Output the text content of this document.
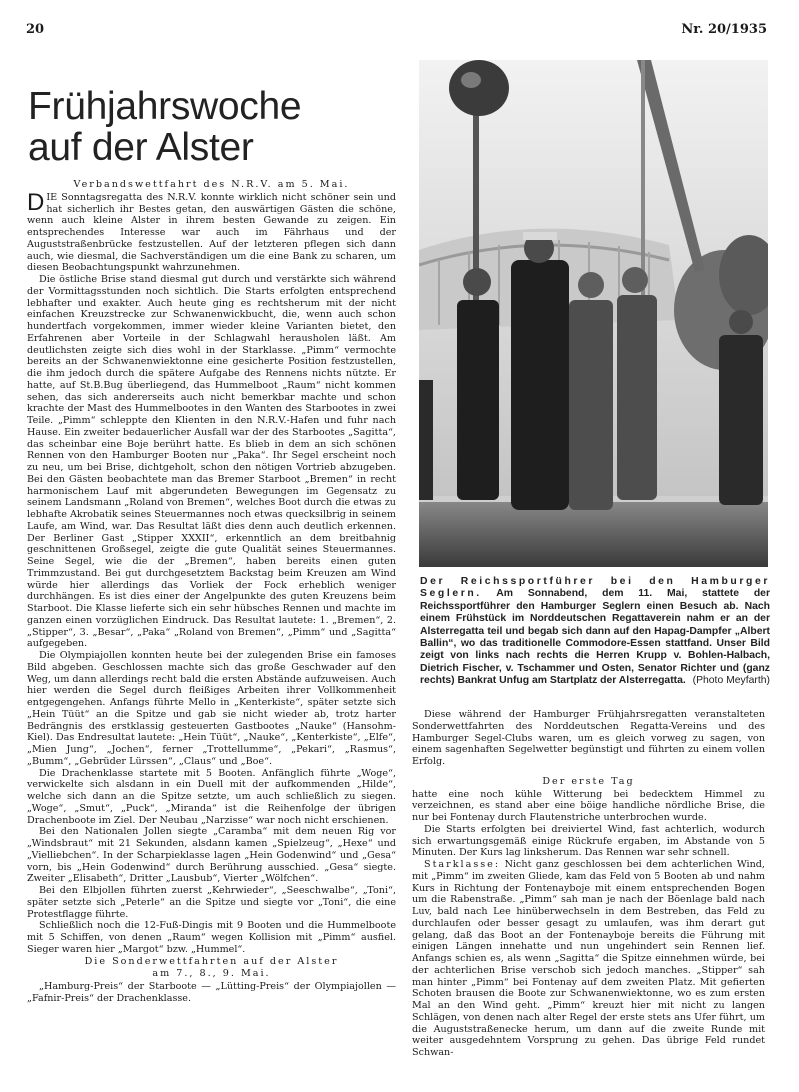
20	Nr. 20/1935
Frühjahrswoche
auf der Alster
Verbandswettfahrt des N.R.V. am 5. Mai.

DIE Sonntagsregatta des N.R.V. konnte wirklich nicht schöner sein und hat sicherlich ihr Bestes getan, den auswärtigen Gästen die schöne, wenn auch kleine Alster in ihrem besten Gewande zu zeigen. Ein entsprechendes Interesse war auch im Fährhaus und der Auguststraßenbrücke festzustellen. Auf der letzteren pflegen sich dann auch, wie diesmal, die Sachverständigen um die eine Bank zu scharen, um diesen Beobachtungspunkt wahrzunehmen.

Die östliche Brise stand diesmal gut durch und verstärkte sich während der Vormittagsstunden noch sichtlich. Die Starts erfolgten entsprechend lebhafter und exakter. Auch heute ging es rechtsherum mit der nicht einfachen Kreuzstrecke zur Schwanenwickbucht, die, wenn auch schon hundertfach vorgekommen, immer wieder kleine Varianten bietet, den Erfahrenen aber Vorteile in der Schlagwahl herausholen läßt. Am deutlichsten zeigte sich dies wohl in der Starklasse. „Pimm“ vermochte bereits an der Schwanenwiektonne eine gesicherte Position festzustellen, die ihm jedoch durch die spätere Aufgabe des Rennens nichts nützte. Er hatte, auf St.B.Bug überliegend, das Hummelboot „Raum“ nicht kommen sehen, das sich andererseits auch nicht bemerkbar machte und schon krachte der Mast des Hummelbootes in den Wanten des Starbootes in zwei Teile. „Pimm“ schleppte den Klienten in den N.R.V.-Hafen und fuhr nach Hause. Ein zweiter bedauerlicher Ausfall war der des Starbootes „Sagitta“, das scheinbar eine Boje berührt hatte. Es blieb in dem an sich schönen Rennen von den Hamburger Booten nur „Paka“. Ihr Segel erscheint noch zu neu, um bei Brise, dichtgeholt, schon den nötigen Vortrieb abzugeben. Bei den Gästen beobachtete man das Bremer Starboot „Bremen“ in recht harmonischem Lauf mit abgerundeten Bewegungen im Gegensatz zu seinem Landsmann „Roland von Bremen“, welches Boot durch die etwas zu lebhafte Akrobatik seines Steuermannes noch etwas quecksilbrig in seinem Laufe, am Wind, war. Das Resultat läßt dies denn auch deutlich erkennen. Der Berliner Gast „Stipper XXXII“, erkenntlich an dem breitbahnig geschnittenen Großsegel, zeigte die gute Qualität seines Steuermannes. Seine Segel, wie die der „Bremen“, haben bereits einen guten Trimmzustand. Bei gut durchgesetztem Backstag beim Kreuzen am Wind würde hier allerdings das Vorliek der Fock erheblich weniger durchhängen. Es ist dies einer der Angelpunkte des guten Kreuzens beim Starboot. Die Klasse lieferte sich ein sehr hübsches Rennen und machte im ganzen einen vorzüglichen Eindruck. Das Resultat lautete: 1. „Bremen“, 2. „Stipper“, 3. „Besar“, „Paka“ „Roland von Bremen“, „Pimm“ und „Sagitta“ aufgegeben.

Die Olympiajollen konnten heute bei der zulegenden Brise ein famoses Bild abgeben. Geschlossen machte sich das große Geschwader auf den Weg, um dann allerdings recht bald die ersten Abstände aufzuweisen. Auch hier werden die Segel durch fleißiges Arbeiten ihrer Vollkommenheit entgegengehen. Anfangs führte Mello in „Kenterkiste“, später setzte sich „Hein Tüüt“ an die Spitze und gab sie nicht wieder ab, trotz harter Bedrängnis des erstklassig gesteuerten Gastbootes „Nauke“ (Hansohm-Kiel). Das Endresultat lautete: „Hein Tüüt“, „Nauke“, „Kenterkiste“, „Elfe“, „Mien Jung“, „Jochen“, ferner „Trottellumme“, „Pekari“, „Rasmus“, „Bumm“, „Gebrüder Lürssen“, „Claus“ und „Boe“.

Die Drachenklasse startete mit 5 Booten. Anfänglich führte „Woge“, verwickelte sich alsdann in ein Duell mit der aufkommenden „Hilde“, welche sich dann an die Spitze setzte, um auch schließlich zu siegen. „Woge“, „Smut“, „Puck“, „Miranda“ ist die Reihenfolge der übrigen Drachenboote im Ziel. Der Neubau „Narzisse“ war noch nicht erschienen.

Bei den Nationalen Jollen siegte „Caramba“ mit dem neuen Rig vor „Windsbraut“ mit 21 Sekunden, alsdann kamen „Spielzeug“, „Hexe“ und „Vielliebchen“. In der Scharpieklasse lagen „Hein Godenwind“ und „Gesa“ vorn, bis „Hein Godenwind“ durch Berührung ausschied. „Gesa“ siegte. Zweiter „Elisabeth“, Dritter „Lausbub“, Vierter „Wölfchen“.

Bei den Elbjollen führten zuerst „Kehrwieder“, „Seeschwalbe“, „Toni“, später setzte sich „Peterle“ an die Spitze und siegte vor „Toni“, die eine Protestflagge führte.

Schließlich noch die 12-Fuß-Dingis mit 9 Booten und die Hummelboote mit 5 Schiffen, von denen „Raum“ wegen Kollision mit „Pimm“ ausfiel. Sieger waren hier „Margot“ bzw. „Hummel“.

Die Sonderwettfahrten auf der Alster
am 7., 8., 9. Mai.

„Hamburg-Preis“ der Starboote — „Lütting-Preis“ der Olympiajollen — „Fafnir-Preis“ der Drachenklasse.

Der Reichssportführer bei den Hamburger Seglern. Am Sonnabend, dem 11. Mai, stattete der Reichssportführer den Hamburger Seglern einen Besuch ab. Nach einem Frühstück im Norddeutschen Regattaverein nahm er an der Alsterregatta teil und begab sich dann auf den Hapag-Dampfer „Albert Ballin“, wo das traditionelle Commodore-Essen stattfand. Unser Bild zeigt von links nach rechts die Herren Krupp v. Bohlen-Halbach, Dietrich Fischer, v. Tschammer und Osten, Senator Richter und (ganz rechts) Bankrat Unfug am Startplatz der Alsterregatta. (Photo Meyfarth)

Diese während der Hamburger Frühjahrsregatten veranstalteten Sonderwettfahrten des Norddeutschen Regatta-Vereins und des Hamburger Segel-Clubs waren, um es gleich vorweg zu sagen, von einem sagenhaften Segelwetter begünstigt und führten zu einem vollen Erfolg.

Der erste Tag

hatte eine noch kühle Witterung bei bedecktem Himmel zu verzeichnen, es stand aber eine böige handliche nördliche Brise, die nur bei Fontenay durch Flautenstriche unterbrochen wurde.

Die Starts erfolgten bei dreiviertel Wind, fast achterlich, wodurch sich erwartungsgemäß einige Rückrufe ergaben, im Abstande von 5 Minuten. Der Kurs lag linksherum. Das Rennen war sehr schnell.

Starklasse: Nicht ganz geschlossen bei dem achterlichen Wind, mit „Pimm“ im zweiten Gliede, kam das Feld von 5 Booten ab und nahm Kurs in Richtung der Fontenayboje mit einem entsprechenden Bogen um die Rabenstraße. „Pimm“ sah man je nach der Böenlage bald nach Luv, bald nach Lee hinüberwechseln in dem Bestreben, das Feld zu durchlaufen oder besser gesagt zu umlaufen, was ihm derart gut gelang, daß das Boot an der Fontenayboje bereits die Führung mit einigen Längen innehatte und nun ungehindert sein Rennen lief. Anfangs schien es, als wenn „Sagitta“ die Spitze einnehmen würde, bei der achterlichen Brise verschob sich jedoch manches. „Stipper“ sah man hinter „Pimm“ bei Fontenay auf dem zweiten Platz. Mit gefierten Schoten brausen die Boote zur Schwanenwiektonne, wo es zum ersten Mal an den Wind geht. „Pimm“ kreuzt hier mit nicht zu langen Schlägen, von denen nach alter Regel der erste stets ans Ufer führt, um die Auguststraßenecke herum, um dann auf die zweite Runde mit weiter ausgedehntem Vorsprung zu gehen. Das übrige Feld rundet Schwan-
